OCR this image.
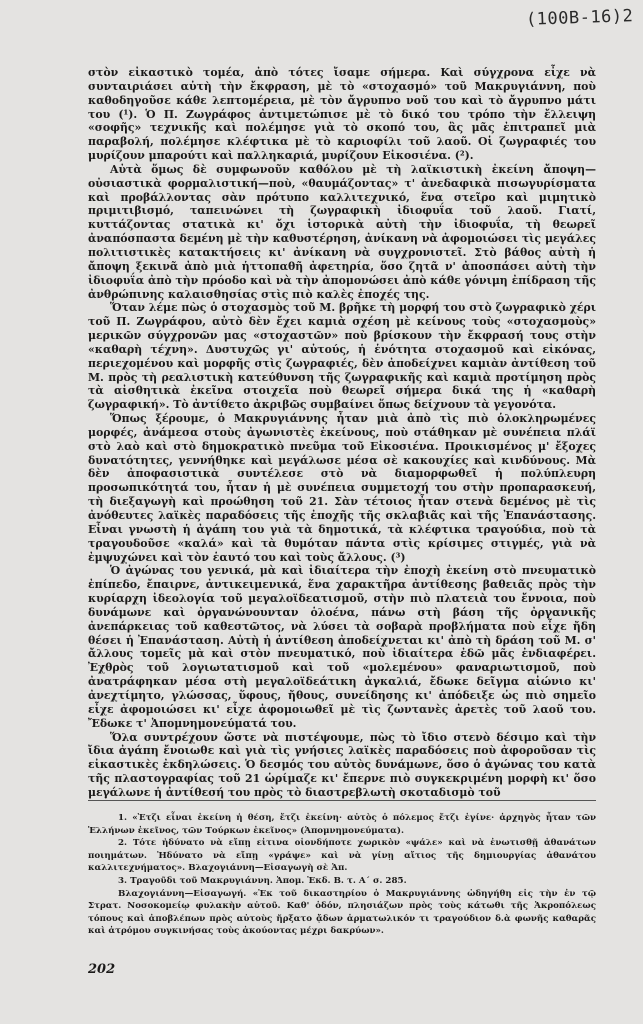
(100B-16)2

στὸν εἰκαστικὸ τομέα, ἀπὸ τότες ἴσαμε σήμερα. Καὶ σύγχρονα εἶχε νὰ συνταιριάσει αὐτὴ τὴν ἔκφραση, μὲ τὸ «στοχασμό» τοῦ Μακρυγιάννη, ποὺ καθοδηγοῦσε κάθε λεπτομέρεια, μὲ τὸν ἄγρυπνο νοῦ του καὶ τὸ ἄγρυπνο μάτι του (¹). Ὁ Π. Ζωγράφος ἀντιμετώπισε μὲ τὸ δικό του τρόπο τὴν ἔλλειψη «σοφῆς» τεχνικῆς καὶ πολέμησε γιὰ τὸ σκοπό του, ἂς μᾶς ἐπιτραπεῖ μιὰ παραβολή, πολέμησε κλέφτικα μὲ τὸ καριοφίλι τοῦ λαοῦ. Οἱ ζωγραφιές του μυρίζουν μπαρούτι καὶ παλληκαριά, μυρίζουν Εἰκοσιένα. (²).

Αὐτὰ ὅμως δὲ συμφωνοῦν καθόλου μὲ τὴ λαϊκιστικὴ ἐκείνη ἄποψη—οὐσιαστικὰ φορμαλιστική—ποὺ, «θαυμάζοντας» τ' ἀνεδαφικὰ πισωγυρίσματα καὶ προβάλλοντας σὰν πρότυπο καλλιτεχνικό, ἕνα στεῖρο καὶ μιμητικὸ πριμιτιβισμό, ταπεινώνει τὴ ζωγραφικὴ ἰδιοφυΐα τοῦ λαοῦ. Γιατί, κυττάζοντας στατικὰ κι' ὄχι ἱστορικὰ αὐτὴ τὴν ἰδιοφυΐα, τὴ θεωρεῖ ἀναπόσπαστα δεμένη μὲ τὴν καθυστέρηση, ἀνίκανη νὰ ἀφομοιώσει τὶς μεγάλες πολιτιστικὲς κατακτήσεις κι' ἀνίκανη νὰ συγχρονιστεῖ. Στὸ βάθος αὐτὴ ἡ ἄποψη ξεκινᾶ ἀπὸ μιὰ ἡττοπαθῆ ἀφετηρία, ὅσο ζητᾶ ν' ἀποσπάσει αὐτὴ τὴν ἰδιοφυΐα ἀπὸ τὴν πρόοδο καὶ νὰ τὴν ἀπομονώσει ἀπὸ κάθε γόνιμη ἐπίδραση τῆς ἀνθρώπινης καλαισθησίας στὶς πιὸ καλὲς ἐποχές της.

Ὅταν λέμε πὼς ὁ στοχασμὸς τοῦ Μ. βρῆκε τὴ μορφή του στὸ ζωγραφικὸ χέρι τοῦ Π. Ζωγράφου, αὐτὸ δὲν ἔχει καμιὰ σχέση μὲ κείνους τοὺς «στοχασμοὺς» μερικῶν σύγχρονῶν μας «στοχαστῶν» ποὺ βρίσκουν τὴν ἔκφρασή τους στὴν «καθαρὴ τέχνη». Δυστυχῶς γι' αὐτούς, ἡ ἑνότητα στοχασμοῦ καὶ εἰκόνας, περιεχομένου καὶ μορφῆς στὶς ζωγραφιές, δὲν ἀποδείχνει καμιὰν ἀντίθεση τοῦ Μ. πρὸς τὴ ρεαλιστικὴ κατεύθυνση τῆς ζωγραφικῆς καὶ καμιὰ προτίμηση πρὸς τὰ αἰσθητικὰ ἐκεῖνα στοιχεῖα ποὺ θεωρεῖ σήμερα δικά της ἡ «καθαρὴ ζωγραφική». Τὸ ἀντίθετο ἀκριβῶς συμβαίνει ὅπως δείχνουν τὰ γεγονότα.

Ὅπως ξέρουμε, ὁ Μακρυγιάννης ἦταν μιὰ ἀπὸ τὶς πιὸ ὁλοκληρωμένες μορφές, ἀνάμεσα στοὺς ἀγωνιστὲς ἐκείνους, ποὺ στάθηκαν μὲ συνέπεια πλάϊ στὸ λαὸ καὶ στὸ δημοκρατικὸ πνεῦμα τοῦ Εἰκοσιένα. Προικισμένος μ' ἔξοχες δυνατότητες, γεννήθηκε καὶ μεγάλωσε μέσα σὲ κακουχίες καὶ κινδύνους. Μὰ δὲν ἀποφασιστικὰ συντέλεσε στὸ νὰ διαμορφωθεῖ ἡ πολύπλευρη προσωπικότητά του, ἦταν ἡ μὲ συνέπεια συμμετοχή του στὴν προπαρασκευή, τὴ διεξαγωγὴ καὶ προώθηση τοῦ 21. Σὰν τέτοιος ἦταν στενὰ δεμένος μὲ τὶς ἀνόθευτες λαϊκὲς παραδόσεις τῆς ἐποχῆς τῆς σκλαβιᾶς καὶ τῆς Ἐπανάστασης. Εἶναι γνωστὴ ἡ ἀγάπη του γιὰ τὰ δημοτικά, τὰ κλέφτικα τραγούδια, ποὺ τὰ τραγουδοῦσε «καλά» καὶ τὰ θυμόταν πάντα στὶς κρίσιμες στιγμές, γιὰ νὰ ἐμψυχώνει καὶ τὸν ἑαυτό του καὶ τοὺς ἄλλους. (³)

Ὁ ἀγώνας του γενικά, μὰ καὶ ἰδιαίτερα τὴν ἐποχὴ ἐκείνη στὸ πνευματικὸ ἐπίπεδο, ἔπαιρνε, ἀντικειμενικά, ἕνα χαρακτῆρα ἀντίθεσης βαθειᾶς πρὸς τὴν κυρίαρχη ἰδεολογία τοῦ μεγαλοϊδεατισμοῦ, στὴν πιὸ πλατειὰ του ἔννοια, ποὺ δυνάμωνε καὶ ὀργανώνουνταν ὁλοένα, πάνω στὴ βάση τῆς ὀργανικῆς ἀνεπάρκειας τοῦ καθεστῶτος, νὰ λύσει τὰ σοβαρὰ προβλήματα ποὺ εἶχε ἤδη θέσει ἡ Ἐπανάσταση. Αὐτὴ ἡ ἀντίθεση ἀποδείχνεται κι' ἀπὸ τὴ δράση τοῦ Μ. σ' ἄλλους τομεῖς μὰ καὶ στὸν πνευματικό, ποὺ ἰδιαίτερα ἐδῶ μᾶς ἐνδιαφέρει. Ἐχθρὸς τοῦ λογιωτατισμοῦ καὶ τοῦ «μολεμένου» φαναριωτισμοῦ, ποὺ ἀνατράφηκαν μέσα στὴ μεγαλοϊδεάτικη ἀγκαλιά, ἔδωκε δεῖγμα αἰώνιο κι' ἀνεχτίμητο, γλώσσας, ὕφους, ἤθους, συνείδησης κι' ἀπόδειξε ὡς πιὸ σημεῖο εἶχε ἀφομοιώσει κι' εἶχε ἀφομοιωθεῖ μὲ τὶς ζωντανὲς ἀρετὲς τοῦ λαοῦ του. Ἔδωκε τ' Ἀπομνημονεύματά του.

Ὅλα συντρέχουν ὥστε νὰ πιστέψουμε, πὼς τὸ ἴδιο στενὸ δέσιμο καὶ τὴν ἴδια ἀγάπη ἔνοιωθε καὶ γιὰ τὶς γνήσιες λαϊκὲς παραδόσεις ποὺ ἀφοροῦσαν τὶς εἰκαστικὲς ἐκδηλώσεις. Ὁ δεσμός του αὐτὸς δυνάμωνε, ὅσο ὁ ἀγώνας του κατὰ τῆς πλαστογραφίας τοῦ 21 ὡρίμαζε κι' ἔπερνε πιὸ συγκεκριμένη μορφὴ κι' ὅσο μεγάλωνε ἡ ἀντίθεσή του πρὸς τὸ διαστρεβλωτὴ σκοταδισμὸ τοῦ

1. «Ἐτζι εἶναι ἐκείνη ἡ θέση, ἔτζι ἐκείνη· αὐτὸς ὁ πόλεμος ἔτζι ἐγίνε· ἀρχηγὸς ἦταν τῶν Ἑλλήνων ἐκεῖνος, τῶν Τούρκων ἐκεῖνος» (Ἀπομνημονεύματα).

2. Τότε ἠδύνατο νὰ εἴπῃ εἰτινα οἱονδήποτε χωρικὸν «ψάλε» καὶ νὰ ἐνωτισθῇ ἀθανάτων ποιημάτων. Ἠδύνατο νὰ εἴπῃ «γράψε» καὶ νὰ γίνῃ αἴτιος τῆς δημιουργίας ἀθανάτου καλλιτεχνήματος». Βλαχογιάννη—Εἰσαγωγὴ σὲ Ἀπ.

3. Τραγοῦδι τοῦ Μακρυγιάννη. Ἀπομ. Ἐκδ. Β. τ. Α΄ σ. 285.

Βλαχογιάννη—Εἰσαγωγή. «Ἐκ τοῦ δικαστηρίου ὁ Μακρυγιάννης ὡδηγήθη εἰς τὴν ἐν τῷ Στρατ. Νοσοκομείῳ φυλακὴν αὐτοῦ. Καθ' ὁδόν, πλησιάζων πρὸς τοὺς κάτωθι τῆς Ἀκροπόλεως τόπους καὶ ἀποβλέπων πρὸς αὐτοὺς ἤρξατο ᾄδων ἁρματωλικόν τι τραγούδιον δ.ὰ φωνῆς καθαρᾶς καὶ ἀτρόμου συγκινήσας τοὺς ἀκούοντας μέχρι δακρύων».

202
